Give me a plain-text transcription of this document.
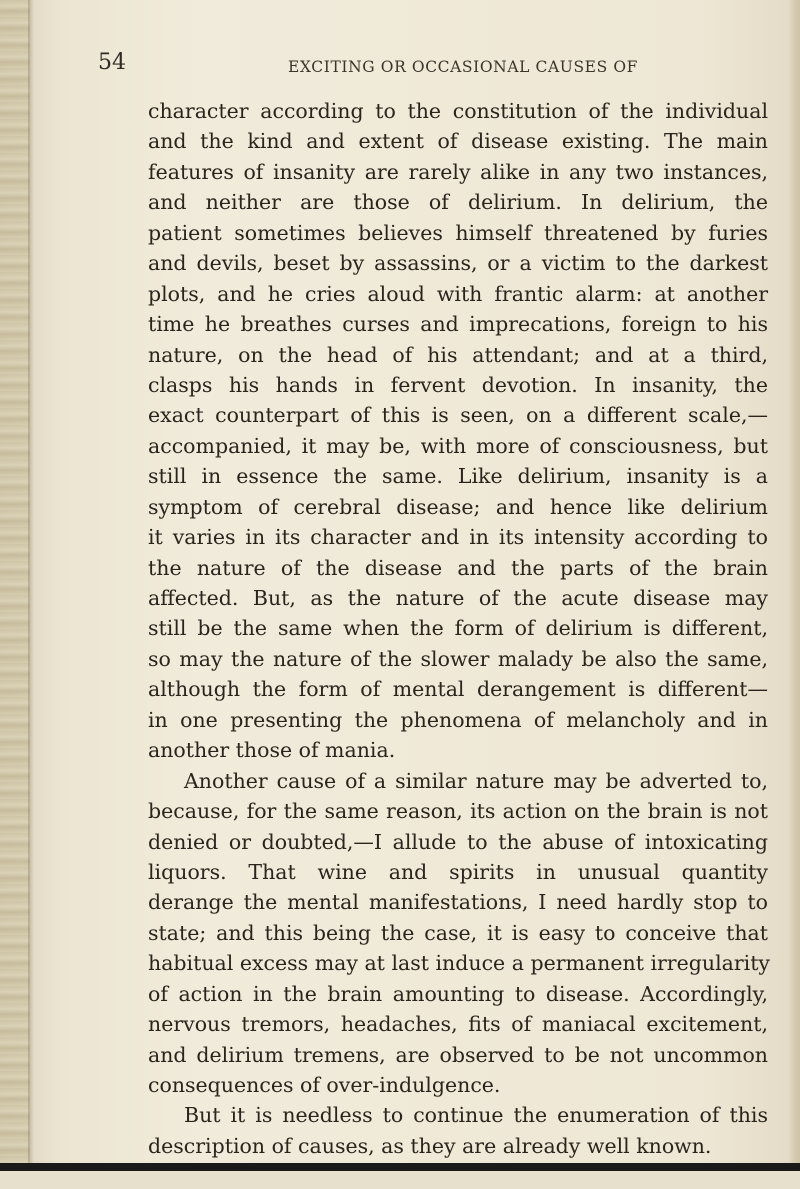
54	EXCITING OR OCCASIONAL CAUSES OF
character according to the constitution of the individual
and the kind and extent of disease existing. The main
features of insanity are rarely alike in any two instances,
and neither are those of delirium. In delirium, the
patient sometimes believes himself threatened by furies
and devils, beset by assassins, or a victim to the darkest
plots, and he cries aloud with frantic alarm: at another
time he breathes curses and imprecations, foreign to his
nature, on the head of his attendant; and at a third,
clasps his hands in fervent devotion. In insanity, the
exact counterpart of this is seen, on a different scale,—
accompanied, it may be, with more of consciousness, but
still in essence the same. Like delirium, insanity is a
symptom of cerebral disease; and hence like delirium
it varies in its character and in its intensity according to
the nature of the disease and the parts of the brain
affected. But, as the nature of the acute disease may
still be the same when the form of delirium is different,
so may the nature of the slower malady be also the same,
although the form of mental derangement is different—
in one presenting the phenomena of melancholy and in
another those of mania.
Another cause of a similar nature may be adverted to,
because, for the same reason, its action on the brain is not
denied or doubted,—I allude to the abuse of intoxicating
liquors. That wine and spirits in unusual quantity
derange the mental manifestations, I need hardly stop to
state; and this being the case, it is easy to conceive that
habitual excess may at last induce a permanent irregularity
of action in the brain amounting to disease. Accordingly,
nervous tremors, headaches, fits of maniacal excitement,
and delirium tremens, are observed to be not uncommon
consequences of over-indulgence.
But it is needless to continue the enumeration of this
description of causes, as they are already well known.
